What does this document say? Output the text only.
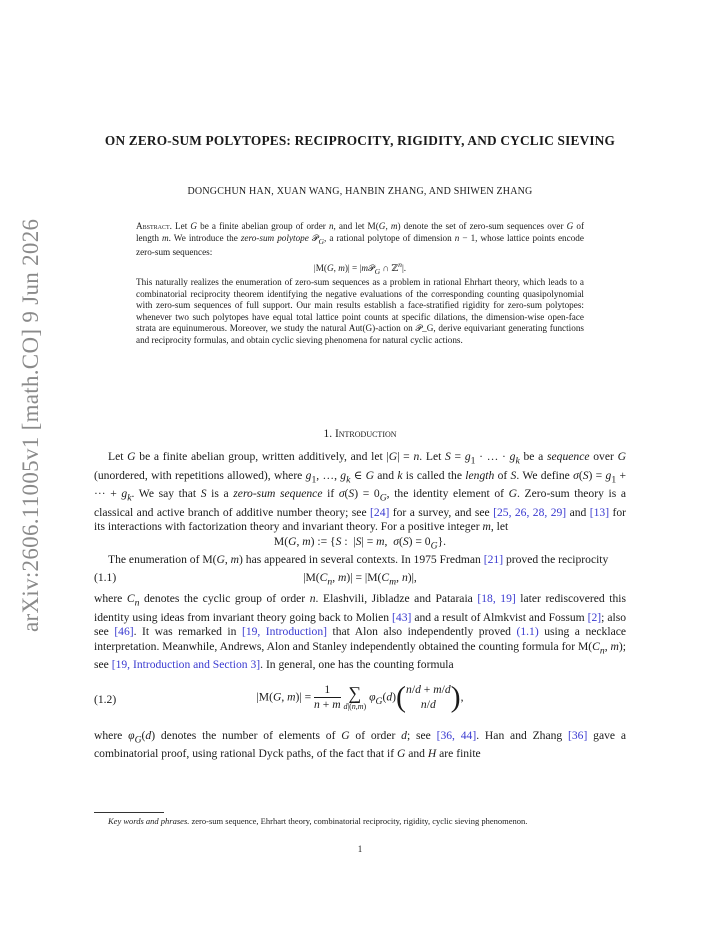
arXiv:2606.11005v1 [math.CO] 9 Jun 2026
ON ZERO-SUM POLYTOPES: RECIPROCITY, RIGIDITY, AND CYCLIC SIEVING
DONGCHUN HAN, XUAN WANG, HANBIN ZHANG, AND SHIWEN ZHANG

Abstract. Let G be a finite abelian group of order n, and let M(G, m) denote the set of zero-sum sequences over G of length m. We introduce the zero-sum polytope 𝒫$_G$, a rational polytope of dimension n − 1, whose lattice points encode zero-sum sequences:

|M(G, m)| = |m𝒫$_G$ ∩ ℤ$^n$|.

This naturally realizes the enumeration of zero-sum sequences as a problem in rational Ehrhart theory, which leads to a combinatorial reciprocity theorem identifying the negative evaluations of the corresponding counting quasipolynomial with zero-sum sequences of full support. Our main results establish a face-stratified rigidity for zero-sum polytopes: whenever two such polytopes have equal total lattice point counts at specific dilations, the dimension-wise open-face strata are equinumerous. Moreover, we study the natural Aut(G)-action on 𝒫_G, derive equivariant generating functions and reciprocity formulas, and obtain cyclic sieving phenomena for natural cyclic actions.

1. Introduction

Let G be a finite abelian group, written additively, and let |G| = n. Let $S = g_1$ · … · $g_k$ be a sequence over G (unordered, with repetitions allowed), where $g_1$, …, $g_k$ ∈ G and k is called the length of S. We define $\sigma(S) = g_1$ + ··· + $g_k$. We say that S is a zero-sum sequence if $\sigma(S) = 0_G$, the identity element of G. Zero-sum theory is a classical and active branch of additive number theory; see [24] for a survey, and see [25, 26, 28, 29] and [13] for its interactions with factorization theory and invariant theory. For a positive integer m, let

M(G, m) := {S :  |S| = m,  $\sigma(S) = 0_G$}.

The enumeration of M(G, m) has appeared in several contexts. In 1975 Fredman [21] proved the reciprocity

(1.1)	$|M(C_n$, $m)| = |M(C_m$, n)|,

where $C_n$ denotes the cyclic group of order n. Elashvili, Jibladze and Pataraia [18, 19] later rediscovered this identity using ideas from invariant theory going back to Molien [43] and a result of Almkvist and Fossum [2]; also see [46]. It was remarked in [19, Introduction] that Alon also independently proved (1.1) using a necklace interpretation. Meanwhile, Andrews, Alon and Stanley independently obtained the counting formula for $M(C_n$, m); see [19, Introduction and Section 3]. In general, one has the counting formula

(1.2)	|M(G, $m)| = \frac{1}{n + m}$
∑
d|(n,m) $\varphi_G(d)$( n/d + m/d
n/d ),

where $\varphi_G(d)$ denotes the number of elements of G of order d; see [36, 44]. Han and Zhang [36] gave a combinatorial proof, using rational Dyck paths, of the fact that if G and H are finite

Key words and phrases. zero-sum sequence, Ehrhart theory, combinatorial reciprocity, rigidity, cyclic sieving phenomenon.
1
